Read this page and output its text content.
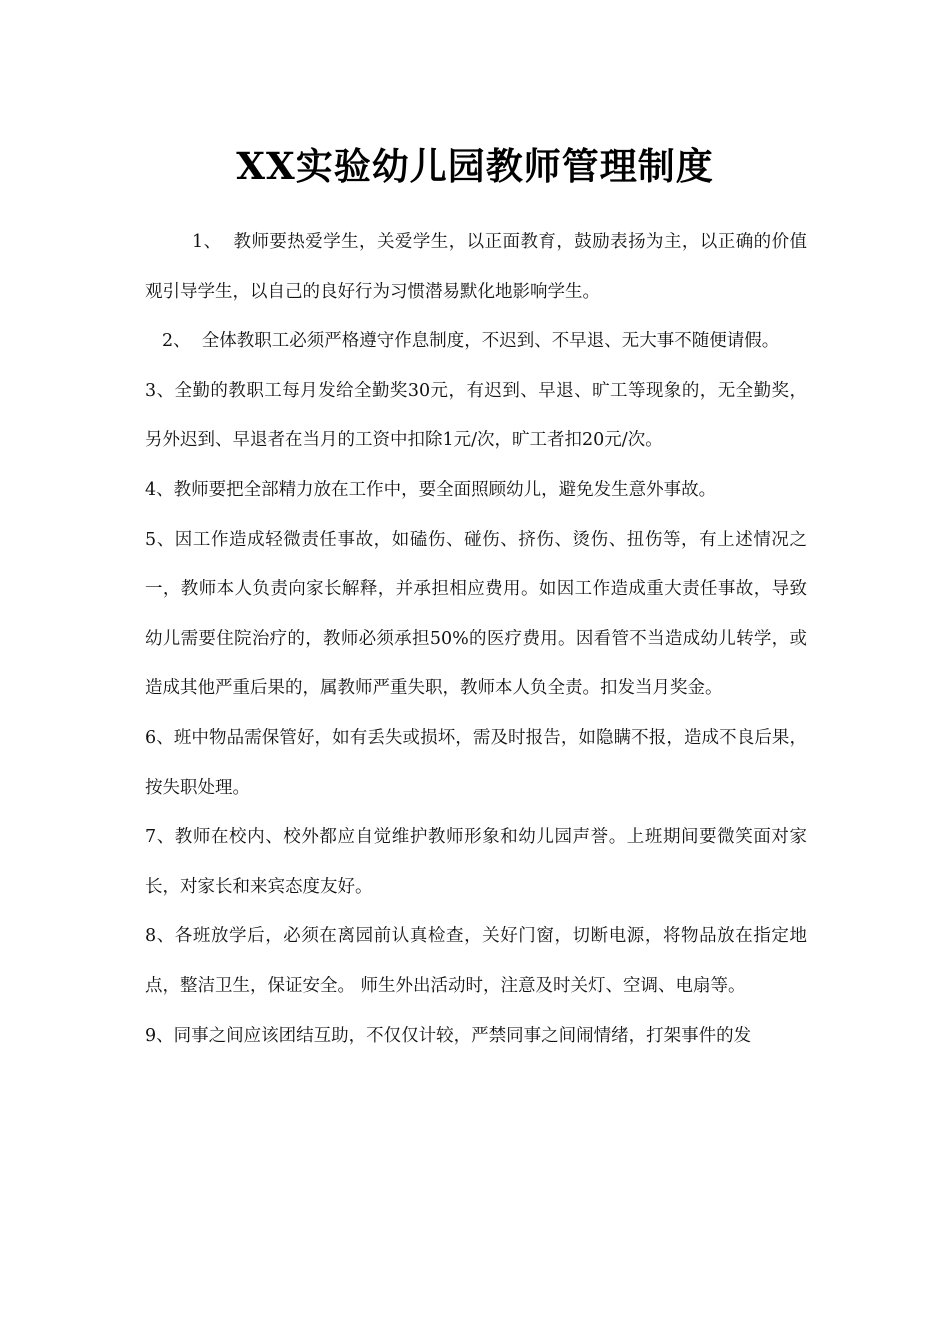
XX实验幼儿园教师管理制度

1、  教师要热爱学生，关爱学生，以正面教育，鼓励表扬为主，以正确的价值观引导学生，以自己的良好行为习惯潜易默化地影响学生。

2、  全体教职工必须严格遵守作息制度，不迟到、不早退、无大事不随便请假。

3、全勤的教职工每月发给全勤奖30元，有迟到、早退、旷工等现象的，无全勤奖，另外迟到、早退者在当月的工资中扣除1元/次，旷工者扣20元/次。

4、教师要把全部精力放在工作中，要全面照顾幼儿，避免发生意外事故。

5、因工作造成轻微责任事故，如磕伤、碰伤、挤伤、烫伤、扭伤等，有上述情况之一，教师本人负责向家长解释，并承担相应费用。如因工作造成重大责任事故，导致幼儿需要住院治疗的，教师必须承担50%的医疗费用。因看管不当造成幼儿转学，或造成其他严重后果的，属教师严重失职，教师本人负全责。扣发当月奖金。

6、班中物品需保管好，如有丢失或损坏，需及时报告，如隐瞒不报，造成不良后果，按失职处理。

7、教师在校内、校外都应自觉维护教师形象和幼儿园声誉。上班期间要微笑面对家长，对家长和来宾态度友好。

8、各班放学后，必须在离园前认真检查，关好门窗，切断电源，将物品放在指定地点，整洁卫生，保证安全。 师生外出活动时，注意及时关灯、空调、电扇等。

9、同事之间应该团结互助，不仅仅计较，严禁同事之间闹情绪，打架事件的发
